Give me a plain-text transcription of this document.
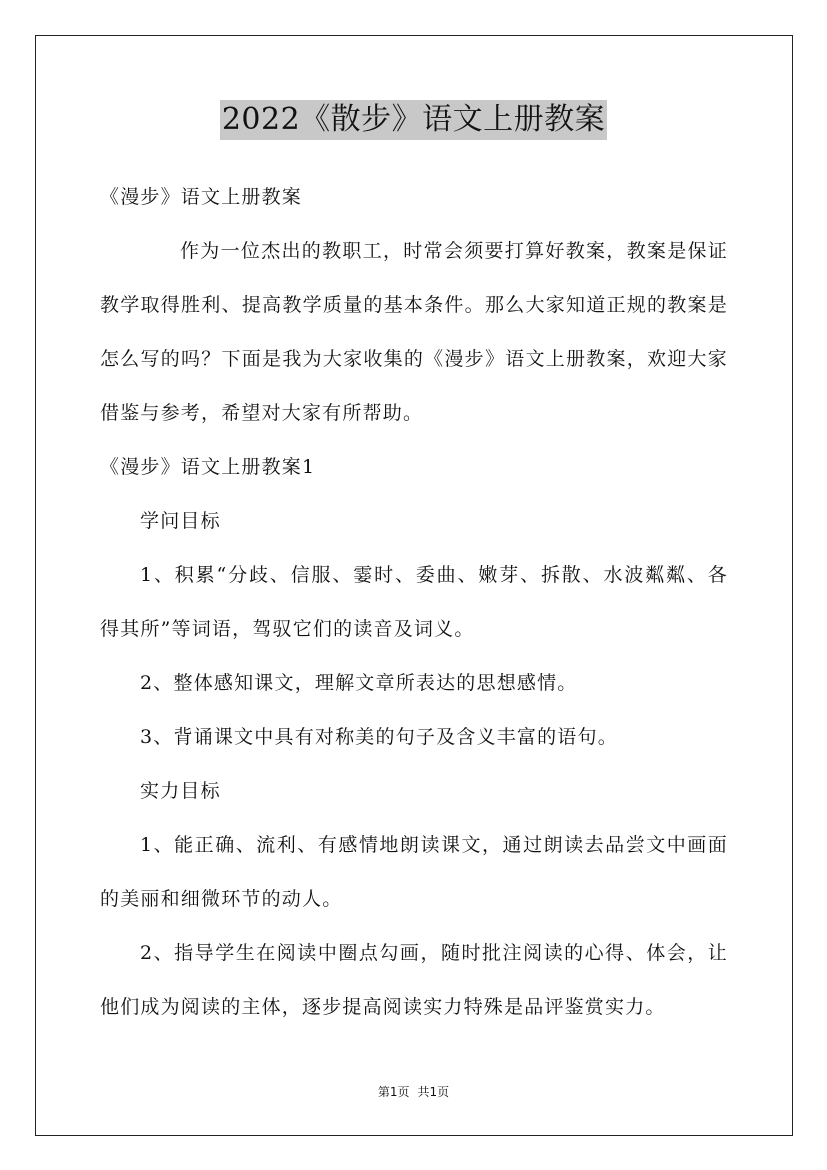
2022《散步》语文上册教案
《漫步》语文上册教案
作为一位杰出的教职工，时常会须要打算好教案，教案是保证教学取得胜利、提高教学质量的基本条件。那么大家知道正规的教案是怎么写的吗？下面是我为大家收集的《漫步》语文上册教案，欢迎大家借鉴与参考，希望对大家有所帮助。
《漫步》语文上册教案1
学问目标
1、积累“分歧、信服、霎时、委曲、嫩芽、拆散、水波粼粼、各得其所”等词语，驾驭它们的读音及词义。
2、整体感知课文，理解文章所表达的思想感情。
3、背诵课文中具有对称美的句子及含义丰富的语句。
实力目标
1、能正确、流利、有感情地朗读课文，通过朗读去品尝文中画面的美丽和细微环节的动人。
2、指导学生在阅读中圈点勾画，随时批注阅读的心得、体会，让他们成为阅读的主体，逐步提高阅读实力特殊是品评鉴赏实力。
第1页 共1页
